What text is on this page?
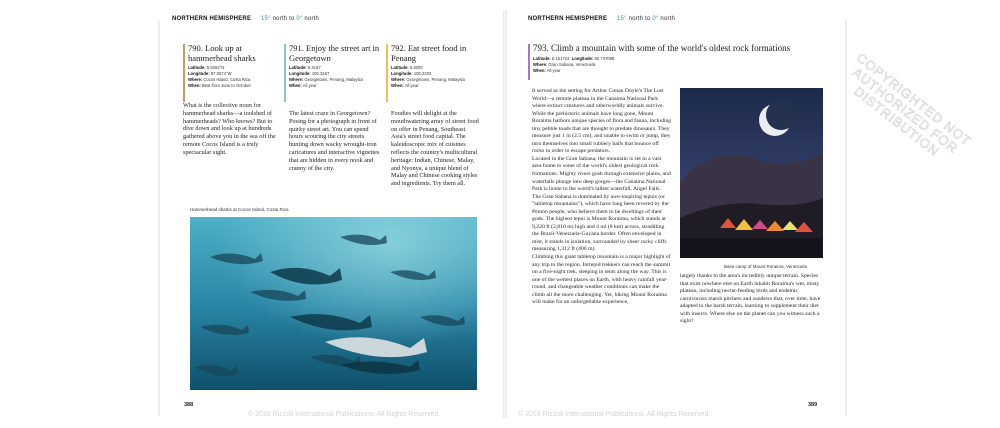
NORTHERN HEMISPHERE 15° north to 0° north
790. Look up at hammerhead sharks
Latitude: 5.5282°N
Longitude: 87.0574°W
Where: Cocos Island, Costa Rica
When: Best from June to October
What is the collective noun for hammerhead sharks—a toolshed of hammerheads? Who knows? But to dive down and look up at hundreds gathered above you in the sea off the remote Cocos Island is a truly spectacular sight.
791. Enjoy the street art in Georgetown
Latitude: 5.4167
Longitude: 100.3167
Where: Georgetown, Penang, Malaysia
When: All year
The latest craze in Georgetown? Posing for a photograph in front of quirky street art. You can spend hours scouring the city streets hunting down wacky wrought-iron caricatures and interactive vignettes that are hidden in every nook and cranny of the city.
792. Eat street food in Penang
Latitude: 5.4000
Longitude: 100.2333
Where: Georgetown, Penang, Malaysia
When: All year
Foodies will delight at the mouthwatering array of street food on offer in Penang, Southeast Asia's street food capital. The kaleidoscopic mix of cuisines reflects the country's multicultural heritage: Indian, Chinese, Malay, and Nyonya, a unique blend of Malay and Chinese cooking styles and ingredients. Try them all.
Hammerhead sharks at Cocos Island, Costa Rica
388
NORTHERN HEMISPHERE 15° north to 0° north
793. Climb a mountain with some of the world's oldest rock formations
Latitude: 5.151724 Longitude: 60.737098
Where: Gran Sabana, Venezuela
When: All year
It served as the setting for Arthur Conan Doyle's The Lost World—a remote plateau in the Canaima National Park where extinct creatures and otherworldly animals survive. While the prehistoric animals have long gone, Mount Roraima harbors unique species of flora and fauna, including tiny pebble toads that are thought to predate dinosaurs. They measure just 1 in (2.5 cm), and unable to swim or jump, they turn themselves into small rubbery balls that bounce off rocks in order to escape predators.
Located in the Gran Sabana, the mountain is set in a vast area home to some of the world's oldest geological rock formations. Mighty rivers gush through extensive plains, and waterfalls plunge into deep gorges—the Canaima National Park is home to the world's tallest waterfall, Angel Falls.
The Gran Sabana is dominated by awe-inspiring tepuis (or "tabletop mountains"), which have long been revered by the Pemón people, who believe them to be dwellings of their gods. The highest tepui is Mount Roraima, which stands at 9,220 ft (2,810 m) high and 4 mi (8 km) across, straddling the Brazil-Venezuela-Guyana border. Often enveloped in mist, it stands in isolation, surrounded by sheer rocky cliffs measuring 1,312 ft (400 m).
Climbing this giant tabletop mountain is a major highlight of any trip to the region. Intrepid trekkers can reach the summit on a five-night trek, sleeping in tents along the way. This is one of the wettest places on Earth, with heavy rainfall year-round, and changeable weather conditions can make the climb all the more challenging. Yet, hiking Mount Roraima will make for an unforgettable experience,
Base camp of Mount Roraima, Venezuela
largely thanks to the area's incredibly unique terrain. Species that exist nowhere else on Earth inhabit Roraima's wet, misty plateau, including nectar-feeding birds and endemic carnivorous marsh pitchers and sundews that, over time, have adapted to the harsh terrain, learning to supplement their diet with insects. Where else on the planet can you witness such a sight?
389
© 2016 Rizzoli International Publications. All Rights Reserved.	© 2016 Rizzoli International Publications. All Rights Reserved.
COPYRIGHTED NOT AUTHORIZED FOR DISTRIBUTION
